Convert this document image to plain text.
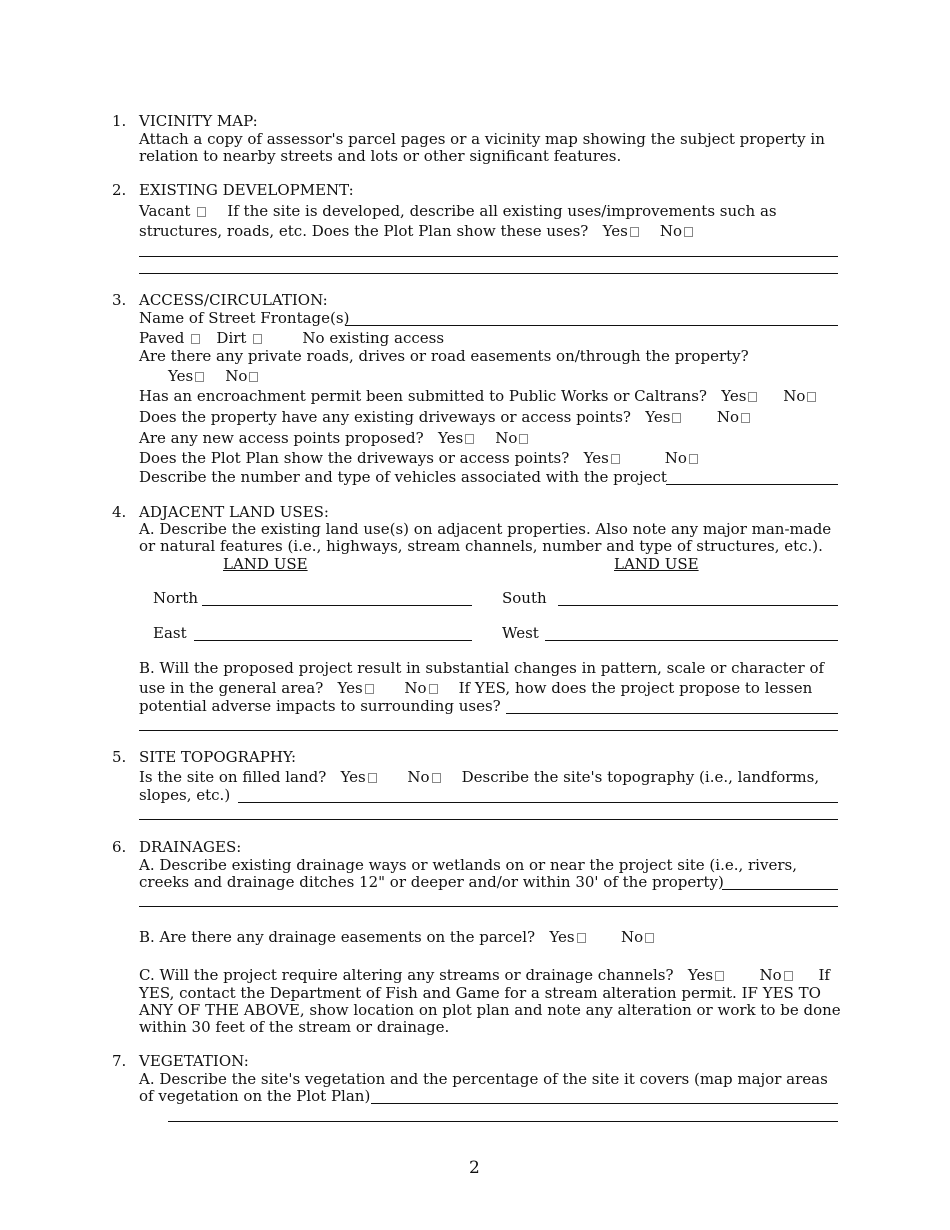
1. VICINITY MAP:
Attach a copy of assessor's parcel pages or a vicinity map showing the subject property in
relation to nearby streets and lots or other significant features.
2. EXISTING DEVELOPMENT:
Vacant If the site is developed, describe all existing uses/improvements such as
structures, roads, etc. Does the Plot Plan show these uses? Yes No
3. ACCESS/CIRCULATION:
Name of Street Frontage(s)
Paved Dirt	No existing access
Are there any private roads, drives or road easements on/through the property?
Yes No
Has an encroachment permit been submitted to Public Works or Caltrans? Yes No
Does the property have any existing driveways or access points? Yes	No
Are any new access points proposed? Yes No
Does the Plot Plan show the driveways or access points? Yes	No
Describe the number and type of vehicles associated with the project
4. ADJACENT LAND USES:
A. Describe the existing land use(s) on adjacent properties. Also note any major man-made
or natural features (i.e., highways, stream channels, number and type of structures, etc.).
LAND USE	LAND USE
North	South
East	West
B. Will the proposed project result in substantial changes in pattern, scale or character of
use in the general area? Yes	No If YES, how does the project propose to lessen
potential adverse impacts to surrounding uses?
5. SITE TOPOGRAPHY:
Is the site on filled land? Yes	No Describe the site's topography (i.e., landforms,
slopes, etc.)
6. DRAINAGES:
A. Describe existing drainage ways or wetlands on or near the project site (i.e., rivers,
creeks and drainage ditches 12" or deeper and/or within 30' of the property)
B. Are there any drainage easements on the parcel? Yes	No
C. Will the project require altering any streams or drainage channels? Yes	No If
YES, contact the Department of Fish and Game for a stream alteration permit. IF YES TO
ANY OF THE ABOVE, show location on plot plan and note any alteration or work to be done
within 30 feet of the stream or drainage.
7. VEGETATION:
A. Describe the site's vegetation and the percentage of the site it covers (map major areas
of vegetation on the Plot Plan)
2
